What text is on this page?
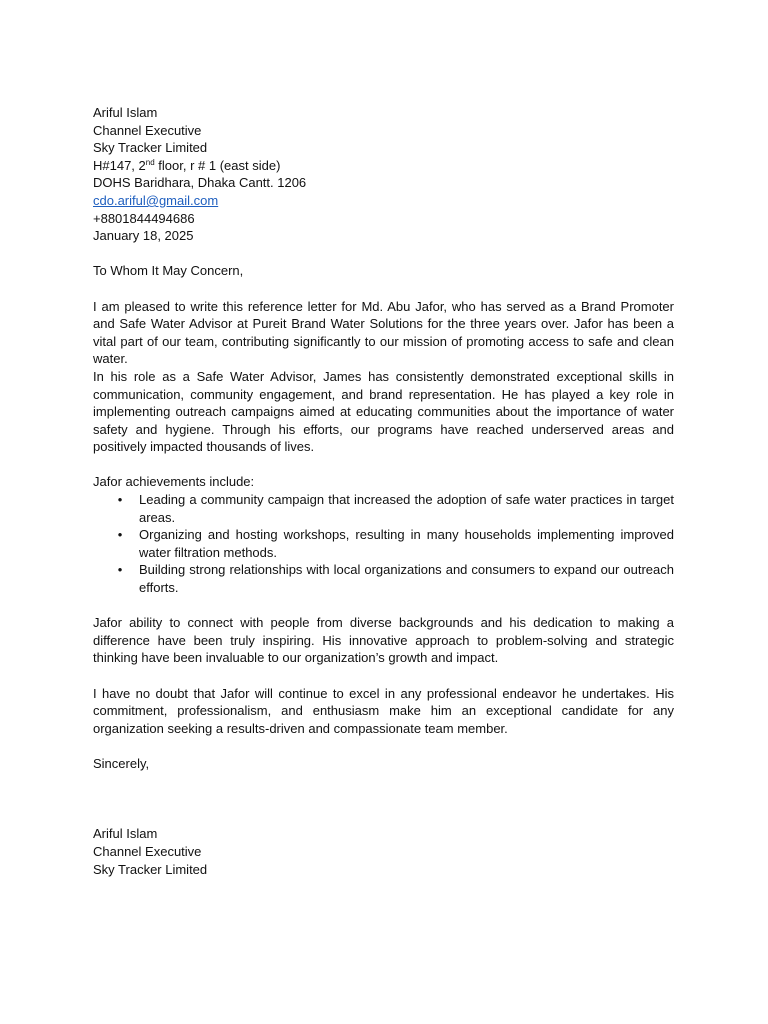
Ariful Islam
Channel Executive
Sky Tracker Limited
H#147, 2nd floor, r # 1 (east side)
DOHS Baridhara, Dhaka Cantt. 1206
cdo.ariful@gmail.com
+8801844494686
January 18, 2025
To Whom It May Concern,

I am pleased to write this reference letter for Md. Abu Jafor, who has served as a Brand Promoter and Safe Water Advisor at Pureit Brand Water Solutions for the three years over. Jafor has been a vital part of our team, contributing significantly to our mission of promoting access to safe and clean water.

In his role as a Safe Water Advisor, James has consistently demonstrated exceptional skills in communication, community engagement, and brand representation. He has played a key role in implementing outreach campaigns aimed at educating communities about the importance of water safety and hygiene. Through his efforts, our programs have reached underserved areas and positively impacted thousands of lives.

Jafor achievements include:
• Leading a community campaign that increased the adoption of safe water practices in target areas.
• Organizing and hosting workshops, resulting in many households implementing improved water filtration methods.
• Building strong relationships with local organizations and consumers to expand our outreach efforts.

Jafor ability to connect with people from diverse backgrounds and his dedication to making a difference have been truly inspiring. His innovative approach to problem-solving and strategic thinking have been invaluable to our organization’s growth and impact.

I have no doubt that Jafor will continue to excel in any professional endeavor he undertakes. His commitment, professionalism, and enthusiasm make him an exceptional candidate for any organization seeking a results-driven and compassionate team member.

Sincerely,
Ariful Islam
Channel Executive
Sky Tracker Limited
